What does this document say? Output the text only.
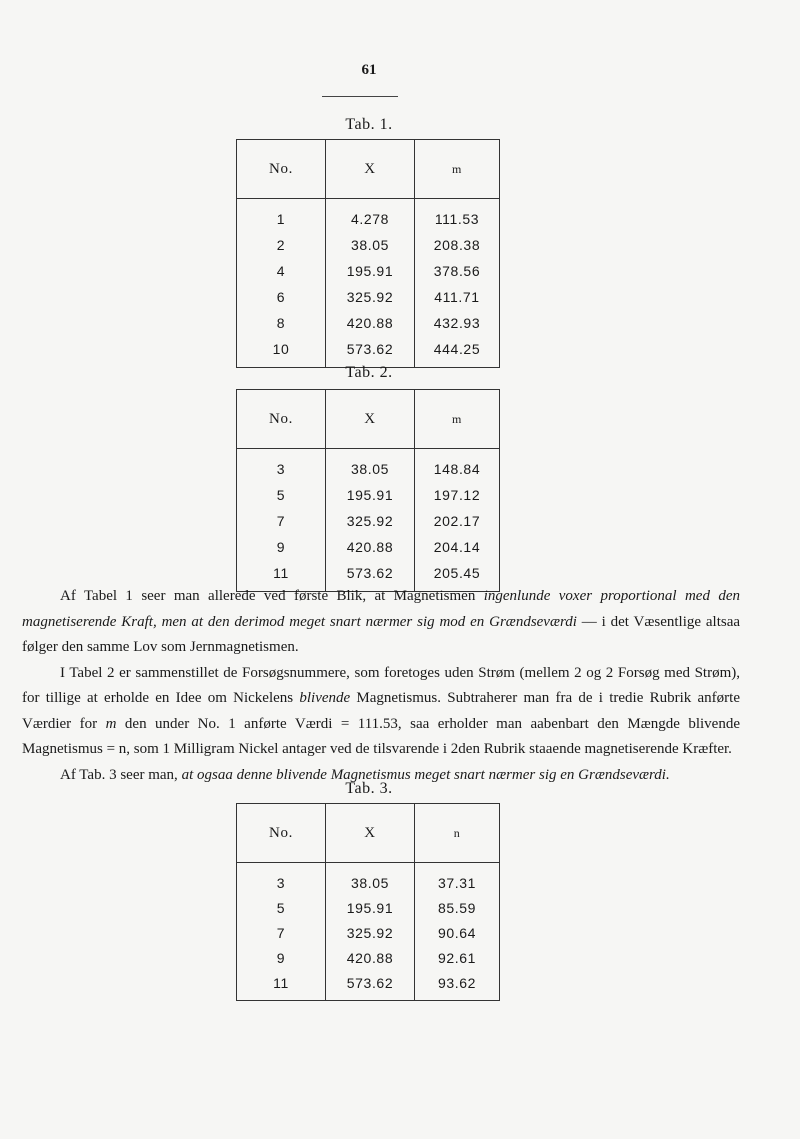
61
Tab. 1.
No.	X	m
1	4.278	111.53
2	38.05	208.38
4	195.91	378.56
6	325.92	411.71
8	420.88	432.93
10	573.62	444.25
Tab. 2.
No.	X	m
3	38.05	148.84
5	195.91	197.12
7	325.92	202.17
9	420.88	204.14
11	573.62	205.45

Af Tabel 1 seer man allerede ved første Blik, at Magnetismen ingenlunde voxer proportional med den magnetiserende Kraft, men at den derimod meget snart nærmer sig mod en Grændseværdi — i det Væsentlige altsaa følger den samme Lov som Jernmagnetismen.

I Tabel 2 er sammenstillet de Forsøgsnummere, som foretoges uden Strøm (mellem 2 og 2 Forsøg med Strøm), for tillige at erholde en Idee om Nickelens blivende Magnetismus. Subtraherer man fra de i tredie Rubrik anførte Værdier for m den under No. 1 anførte Værdi = 111.53, saa erholder man aabenbart den Mængde blivende Magnetismus = n, som 1 Milligram Nickel antager ved de tilsvarende i 2den Rubrik staaende magnetiserende Kræfter.

Af Tab. 3 seer man, at ogsaa denne blivende Magnetismus meget snart nærmer sig en Grændseværdi.

Tab. 3.
No.	X	n
3	38.05	37.31
5	195.91	85.59
7	325.92	90.64
9	420.88	92.61
11	573.62	93.62
